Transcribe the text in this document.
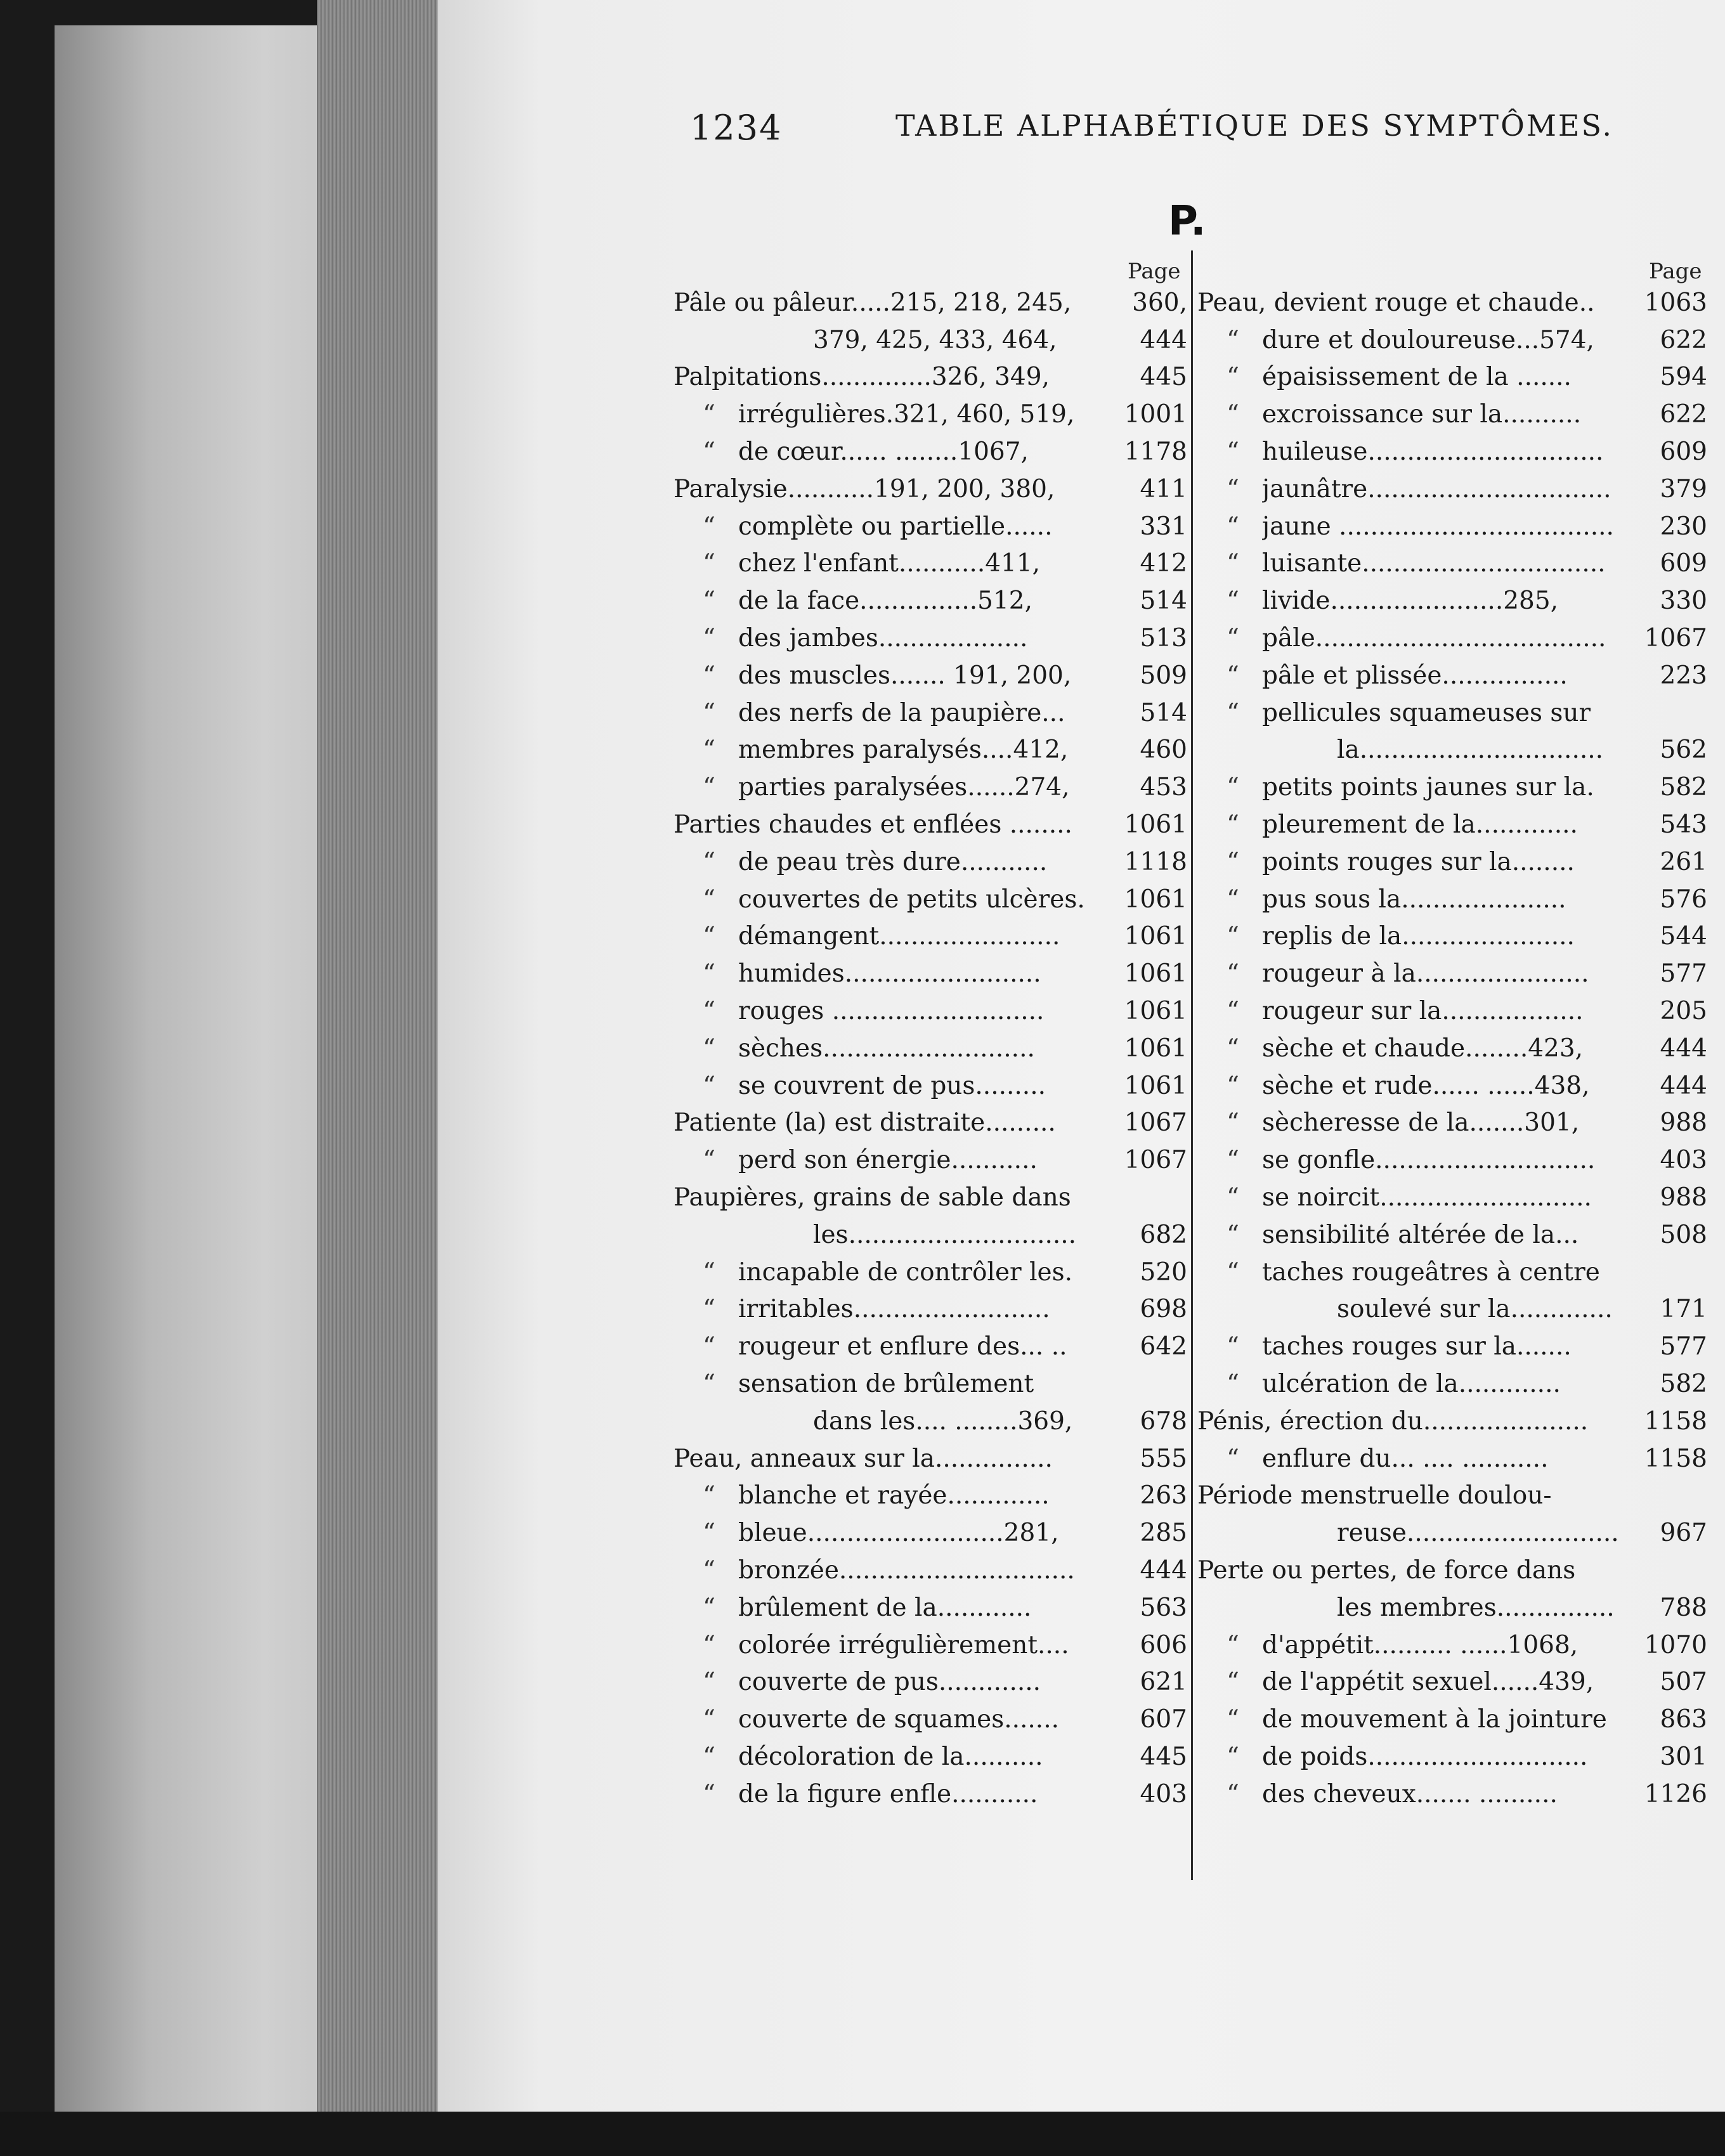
1234	TABLE ALPHABÉTIQUE DES SYMPTÔMES.
P.
Page	Page
Pâle ou pâleur.....215, 218, 245, 360,
379, 425, 433, 464,	444
Palpitations..............326, 349,	445
“ irrégulières.321, 460, 519, 1001
“ de cœur...... ........1067,	1178
Paralysie...........191, 200, 380,	411
“ complète ou partielle......	331
“ chez l'enfant...........411,	412
“ de la face...............512,	514
“ des jambes...................	513
“ des muscles....... 191, 200,	509
“ des nerfs de la paupière...	514
“ membres paralysés....412,	460
“ parties paralysées......274,	453
Parties chaudes et enflées ........ 1061
“ de peau très dure...........	1118
“ couvertes de petits ulcères. 1061
“ démangent.......................	1061
“ humides.........................	1061
“ rouges ...........................	1061
“ sèches...........................	1061
“ se couvrent de pus.........	1061
Patiente (la) est distraite.........	1067
“ perd son énergie...........	1067
Paupières, grains de sable dans
les.............................	682
“ incapable de contrôler les.	520
“ irritables.........................	698
“ rougeur et enflure des... ..	642
“ sensation de brûlement
dans les.... ........369,	678
Peau, anneaux sur la...............	555
“ blanche et rayée.............	263
“ bleue.........................281,	285
“ bronzée..............................	444
“ brûlement de la............	563
“ colorée irrégulièrement....	606
“ couverte de pus.............	621
“ couverte de squames.......	607
“ décoloration de la..........	445
“ de la figure enfle...........	403
Peau, devient rouge et chaude.. 1063
“ dure et douloureuse...574,	622
“ épaisissement de la .......	594
“ excroissance sur la..........	622
“ huileuse.............................. 609
“ jaunâtre............................... 379
“ jaune ................................... 230
“ luisante............................... 609
“ livide......................285,	330
“ pâle..................................... 1067
“ pâle et plissée................	223
“ pellicules squameuses sur
la............................... 562
“ petits points jaunes sur la.	582
“ pleurement de la.............	543
“ points rouges sur la........	261
“ pus sous la.....................	576
“ replis de la......................	544
“ rougeur à la......................	577
“ rougeur sur la..................	205
“ sèche et chaude........423,	444
“ sèche et rude...... ......438,	444
“ sècheresse de la.......301,	988
“ se gonfle............................	403
“ se noircit...........................	988
“ sensibilité altérée de la...	508
“ taches rougeâtres à centre
soulevé sur la............. 171
“ taches rouges sur la.......	577
“ ulcération de la.............	582
Pénis, érection du..................... 1158
“ enflure du... .... ...........	1158
Période menstruelle doulou-
reuse........................... 967
Perte ou pertes, de force dans
les membres............... 788
“ d'appétit.......... ......1068,	1070
“ de l'appétit sexuel......439,	507
“ de mouvement à la jointure 863
“ de poids............................	301
“ des cheveux....... ..........	1126
